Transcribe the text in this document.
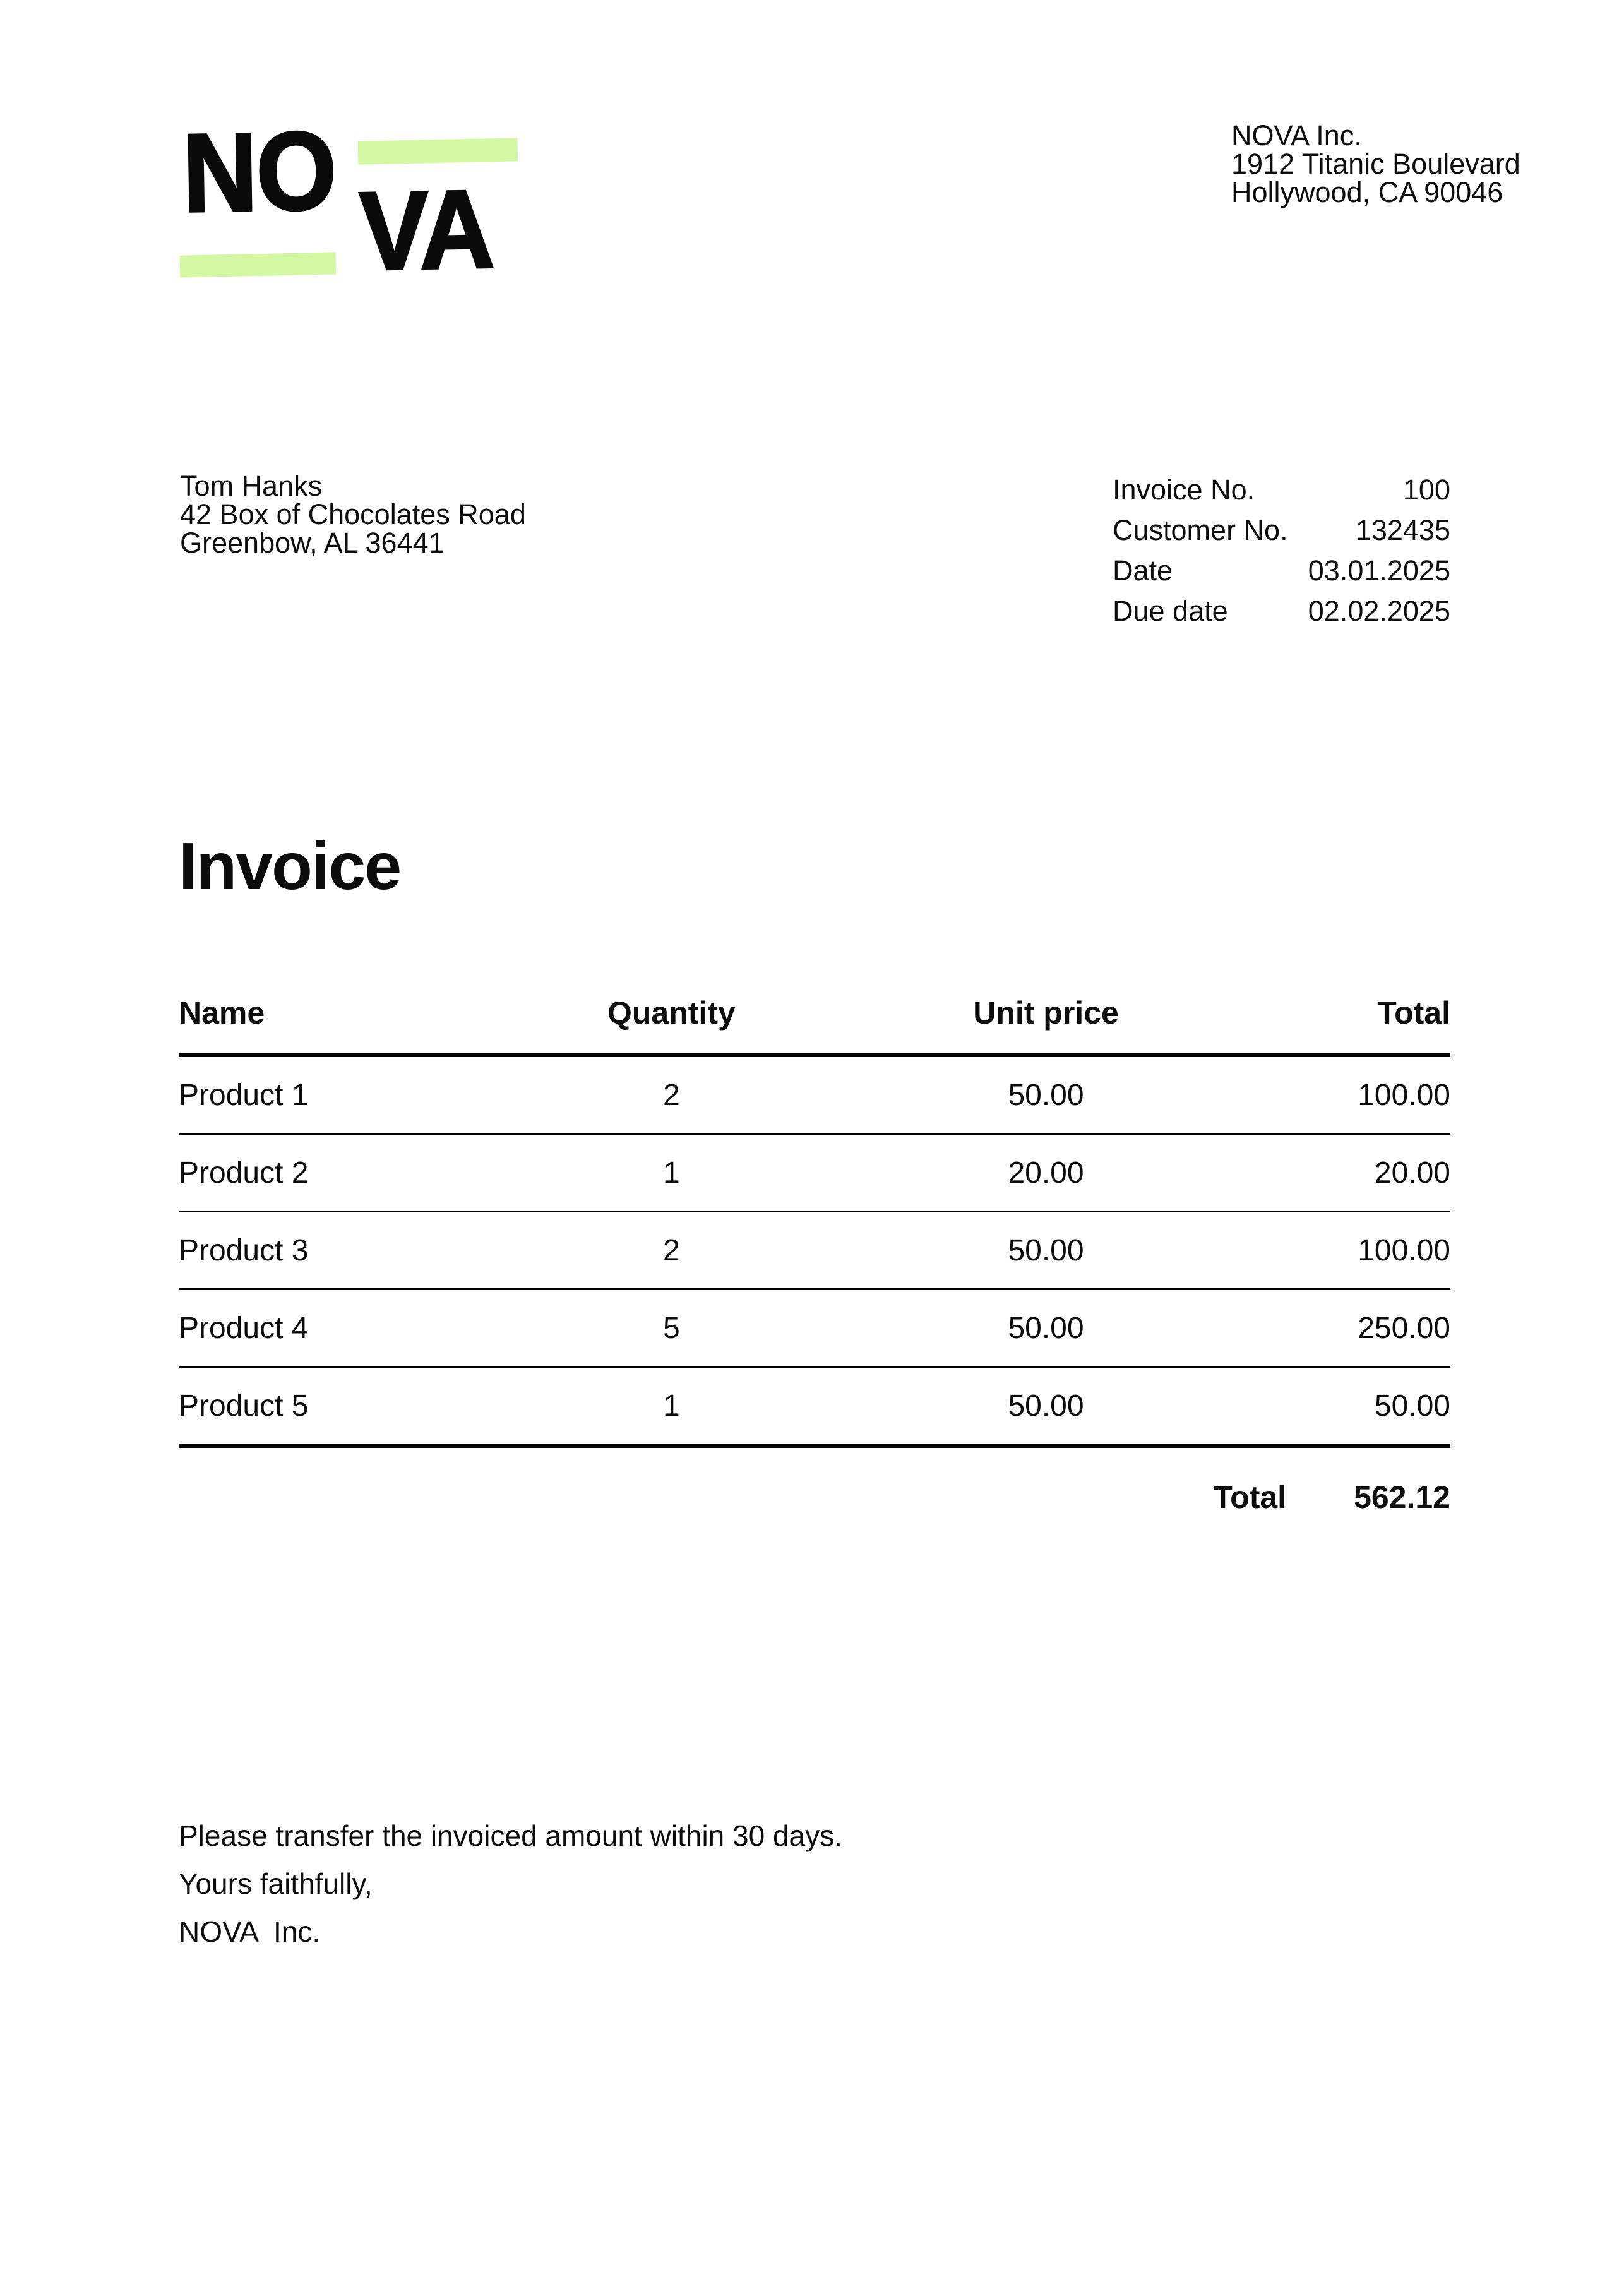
NO VA
NOVA Inc.
1912 Titanic Boulevard
Hollywood, CA 90046
Tom Hanks
42 Box of Chocolates Road
Greenbow, AL 36441
Invoice No.	100
Customer No. 132435
Date	03.01.2025
Due date	02.02.2025
Invoice
Name	Quantity	Unit price	Total
Product 1	2	50.00	100.00
Product 2	1	20.00	20.00
Product 3	2	50.00	100.00
Product 4	5	50.00	250.00
Product 5	1	50.00	50.00
Total 562.12
Please transfer the invoiced amount within 30 days.
Yours faithfully,
NOVA  Inc.
